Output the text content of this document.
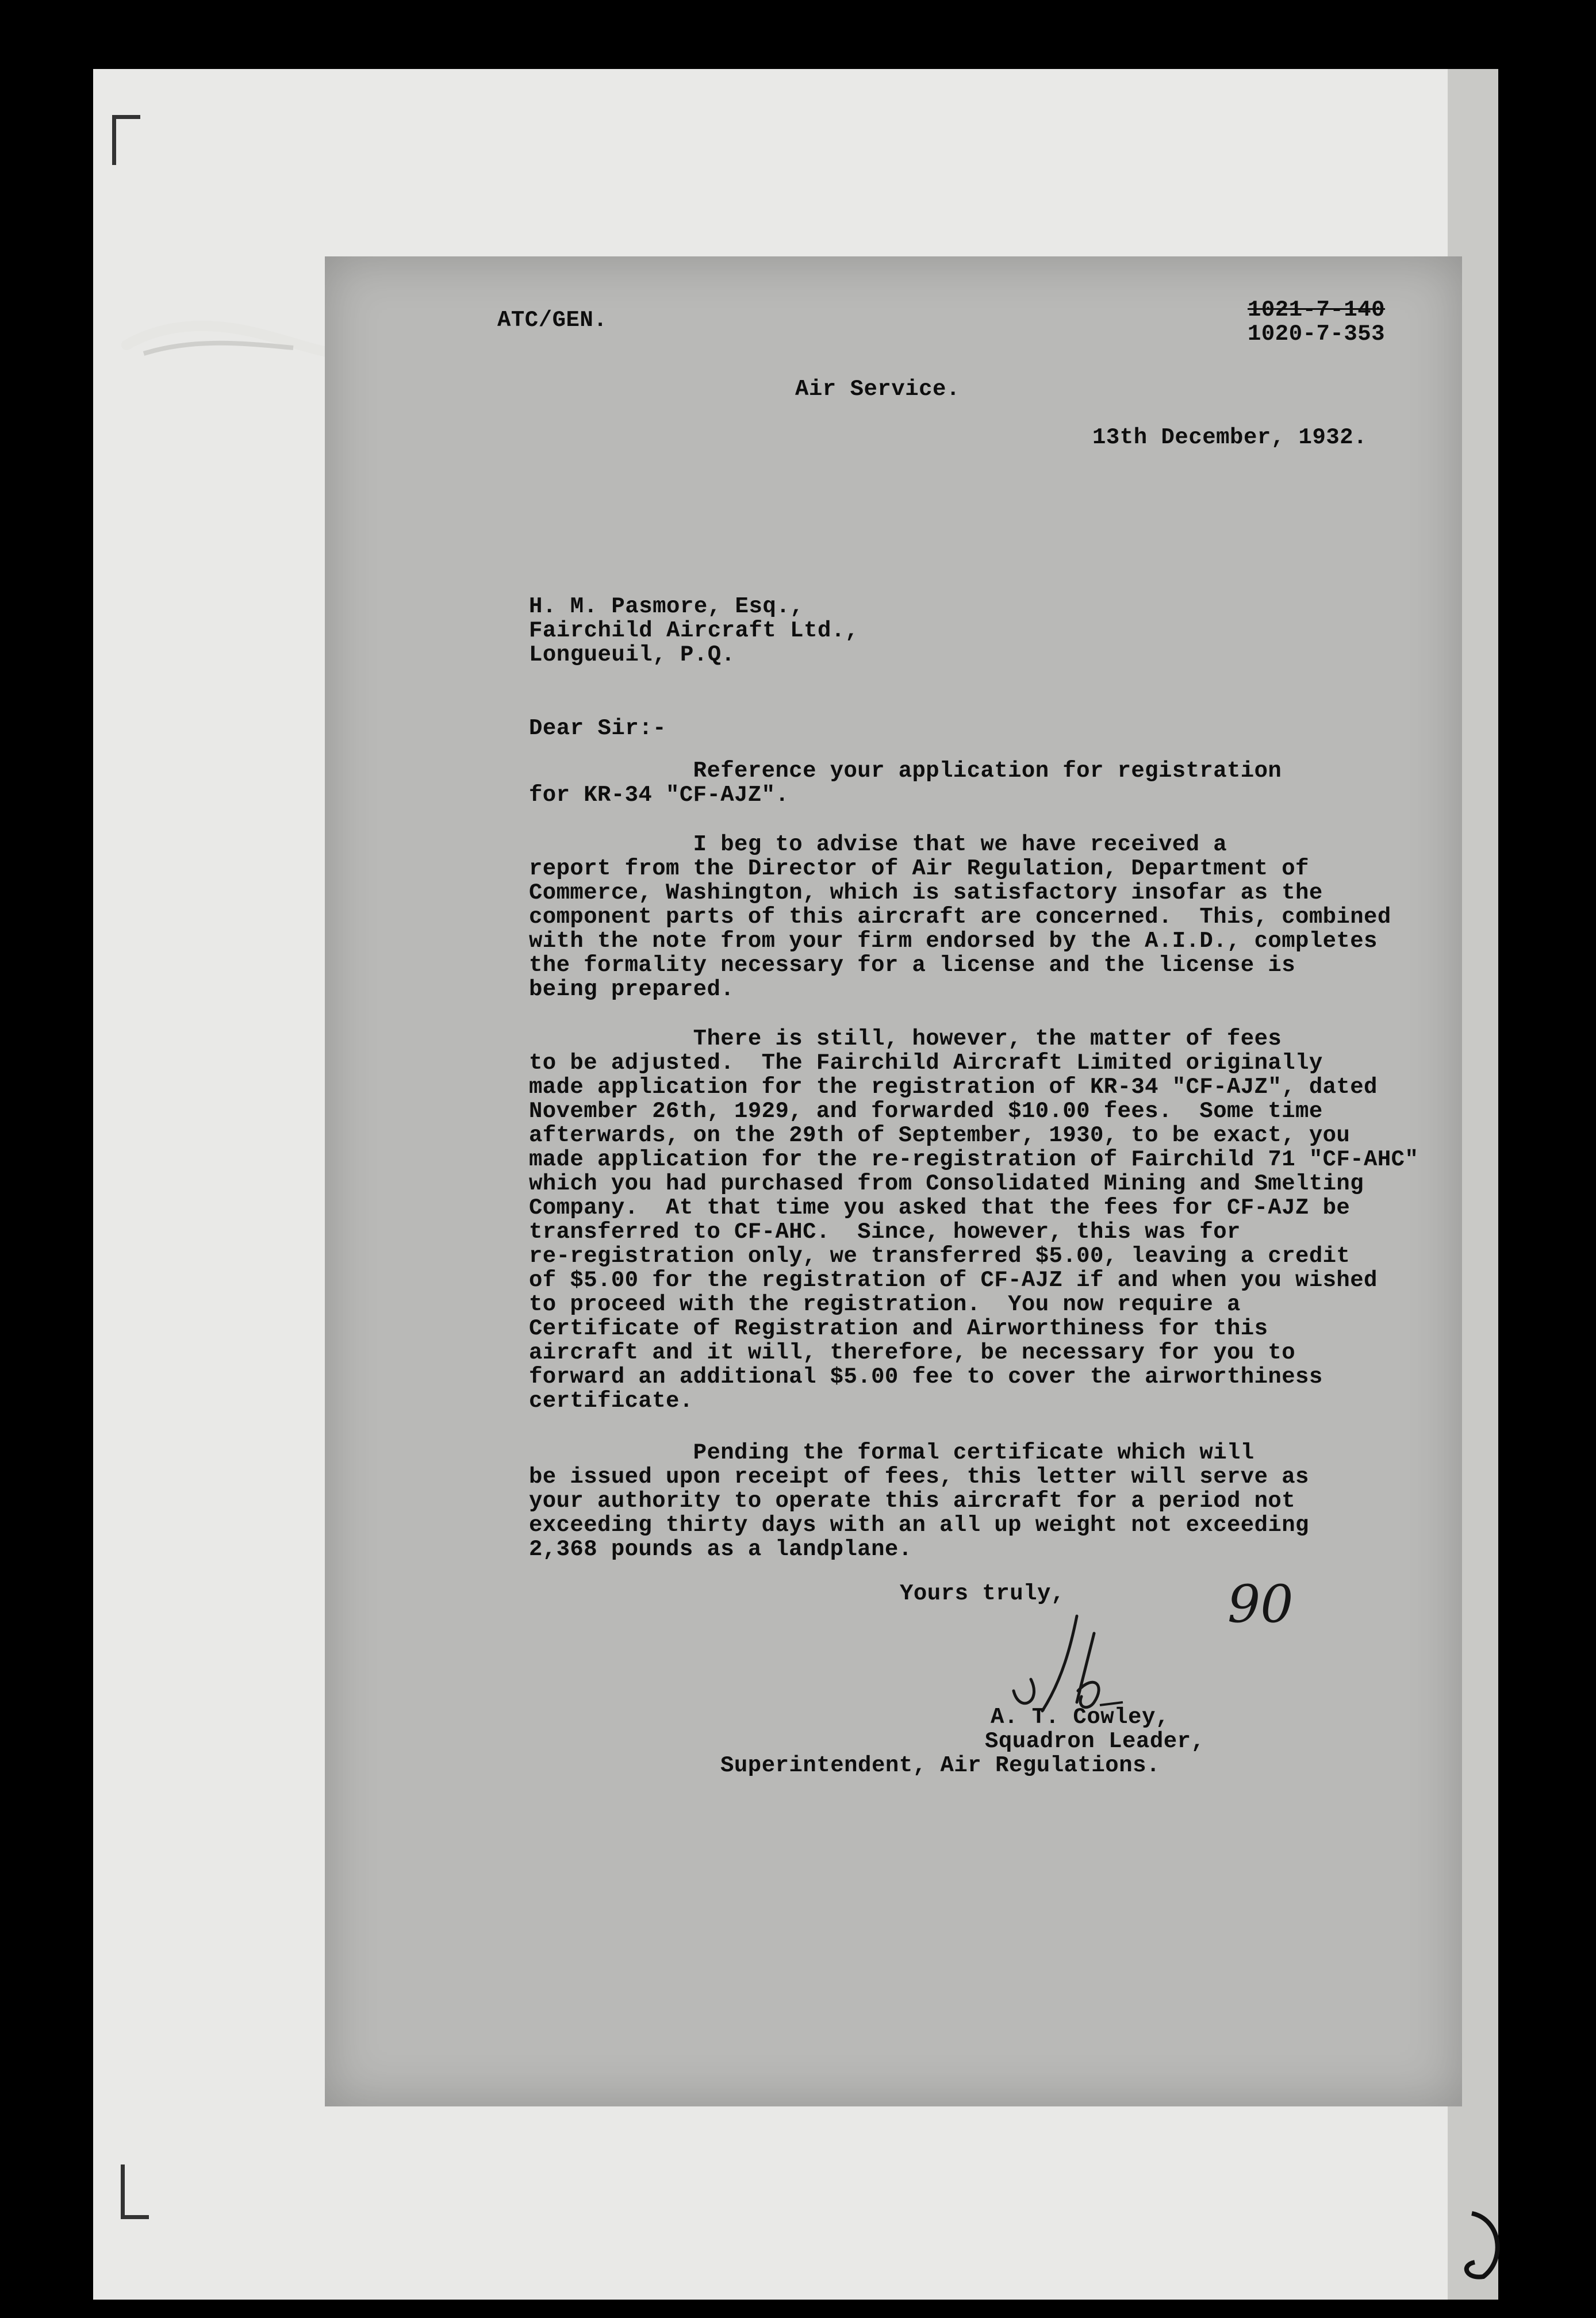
ATC/GEN.	1021-7-140
1020-7-353
Air Service.
13th December, 1932.
H. M. Pasmore, Esq.,
Fairchild Aircraft Ltd.,
Longueuil, P.Q.
Dear Sir:-
Reference your application for registration
for KR-34 "CF-AJZ".
I beg to advise that we have received a
report from the Director of Air Regulation, Department of
Commerce, Washington, which is satisfactory insofar as the
component parts of this aircraft are concerned.  This, combined
with the note from your firm endorsed by the A.I.D., completes
the formality necessary for a license and the license is
being prepared.
There is still, however, the matter of fees
to be adjusted.  The Fairchild Aircraft Limited originally
made application for the registration of KR-34 "CF-AJZ", dated
November 26th, 1929, and forwarded $10.00 fees.  Some time
afterwards, on the 29th of September, 1930, to be exact, you
made application for the re-registration of Fairchild 71 "CF-AHC"
which you had purchased from Consolidated Mining and Smelting
Company.  At that time you asked that the fees for CF-AJZ be
transferred to CF-AHC.  Since, however, this was for
re-registration only, we transferred $5.00, leaving a credit
of $5.00 for the registration of CF-AJZ if and when you wished
to proceed with the registration.  You now require a
Certificate of Registration and Airworthiness for this
aircraft and it will, therefore, be necessary for you to
forward an additional $5.00 fee to cover the airworthiness
certificate.
Pending the formal certificate which will
be issued upon receipt of fees, this letter will serve as
your authority to operate this aircraft for a period not
exceeding thirty days with an all up weight not exceeding
2,368 pounds as a landplane.
Yours truly,
A. T. Cowley,
Squadron Leader,
Superintendent, Air Regulations.
90
